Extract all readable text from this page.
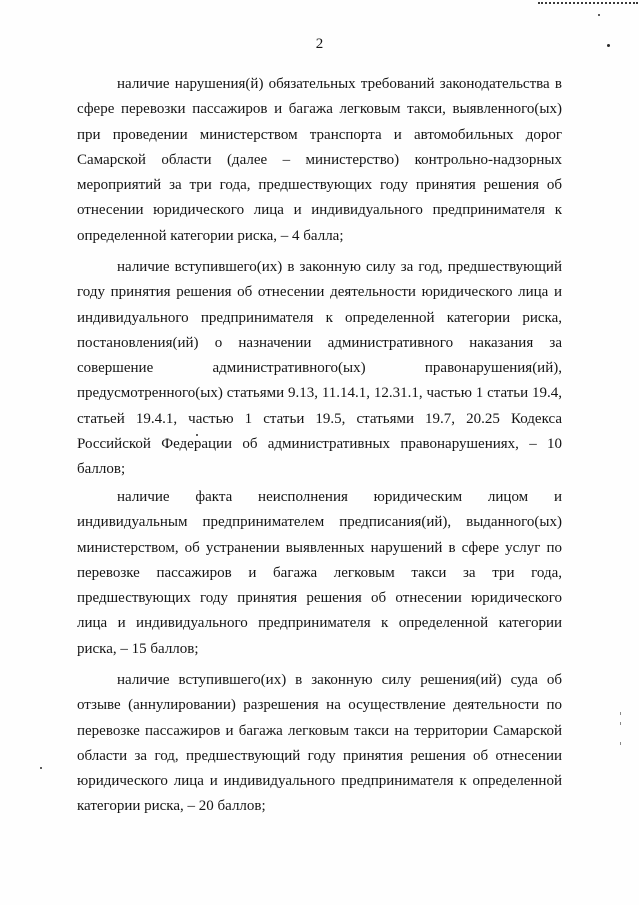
2

наличие нарушения(й) обязательных требований законодательства в сфере перевозки пассажиров и багажа легковым такси, выявленного(ых) при проведении министерством транспорта и автомобильных дорог Самарской области (далее – министерство) контрольно-надзорных мероприятий за три года, предшествующих году принятия решения об отнесении юридического лица и индивидуального предпринимателя к определенной категории риска, – 4 балла;

наличие вступившего(их) в законную силу за год, предшествующий году принятия решения об отнесении деятельности юридического лица и индивидуального предпринимателя к определенной категории риска, постановления(ий) о назначении административного наказания за совершение административного(ых) правонарушения(ий), предусмотренного(ых) статьями 9.13, 11.14.1, 12.31.1, частью 1 статьи 19.4, статьей 19.4.1, частью 1 статьи 19.5, статьями 19.7, 20.25 Кодекса Российской Федерации об административных правонарушениях, – 10 баллов;

наличие факта неисполнения юридическим лицом и индивидуальным предпринимателем предписания(ий), выданного(ых) министерством, об устранении выявленных нарушений в сфере услуг по перевозке пассажиров и багажа легковым такси за три года, предшествующих году принятия решения об отнесении юридического лица и индивидуального предпринимателя к определенной категории риска, – 15 баллов;

наличие вступившего(их) в законную силу решения(ий) суда об отзыве (аннулировании) разрешения на осуществление деятельности по перевозке пассажиров и багажа легковым такси на территории Самарской области за год, предшествующий году принятия решения об отнесении юридического лица и индивидуального предпринимателя к определенной категории риска, – 20 баллов;
